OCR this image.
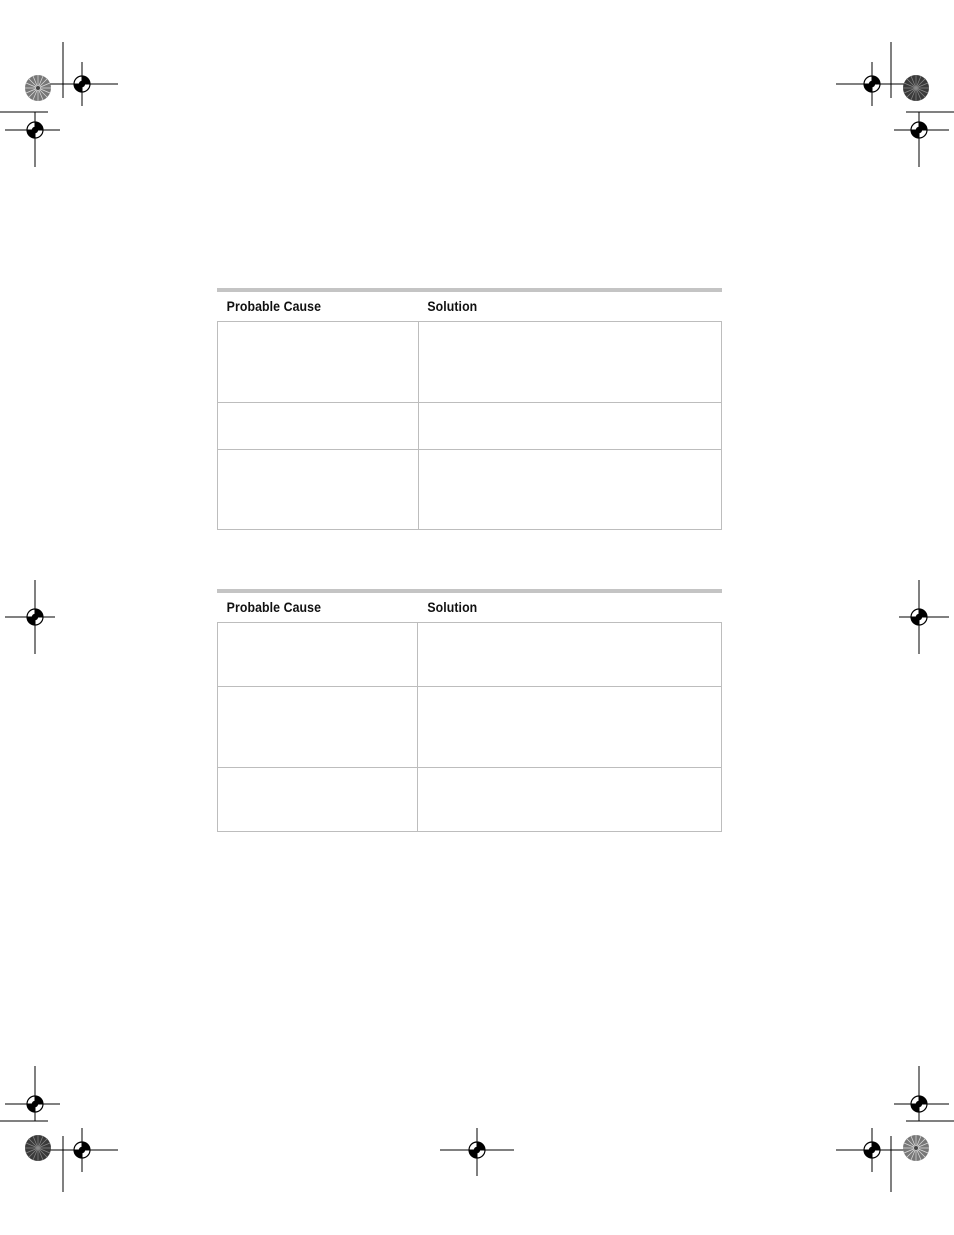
Probable Cause	Solution
Probable Cause	Solution
